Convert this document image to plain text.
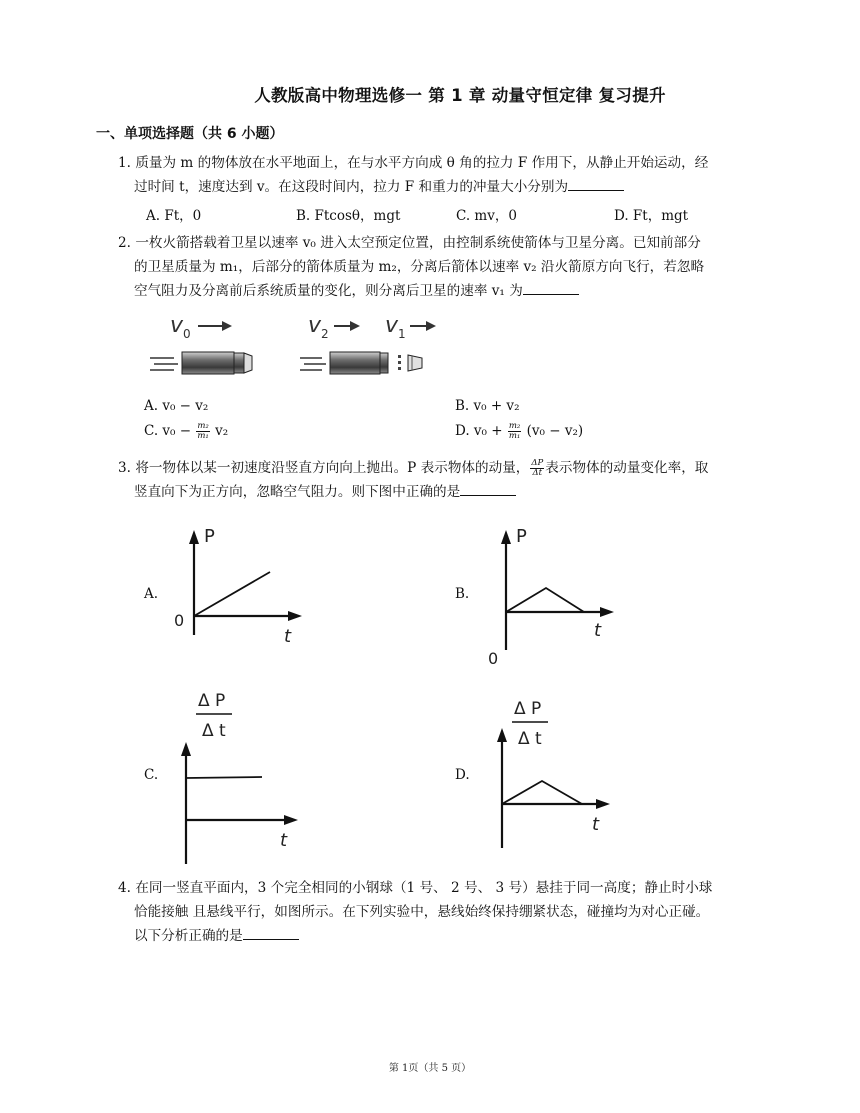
人教版高中物理选修一 第 1 章 动量守恒定律 复习提升
一、单项选择题（共 6 小题）
1. 质量为 m 的物体放在水平地面上，在与水平方向成 θ 角的拉力 F 作用下，从静止开始运动，经
过时间 t，速度达到 v。在这段时间内，拉力 F 和重力的冲量大小分别为
A. Ft，0	B. Ftcosθ，mgt	C. mv，0	D. Ft，mgt
2. 一枚火箭搭载着卫星以速率 v₀ 进入太空预定位置，由控制系统使箭体与卫星分离。已知前部分
的卫星质量为 m₁，后部分的箭体质量为 m₂，分离后箭体以速率 v₂ 沿火箭原方向飞行，若忽略
空气阻力及分离前后系统质量的变化，则分离后卫星的速率 v₁ 为
v 0	v 2	v 1
A. v₀ − v₂	B. v₀ + v₂
C. $v_0 - \frac{\text{m₂}}{\text{m₁}} v_2$	D. $v_0 + \frac{\text{m₂}}{\text{m₁}} (v_0 - v_2)$
3. 将一物体以某一初速度沿竖直方向向上抛出。P 表示物体的动量， $\frac{\Delta P}{\Delta t}$ 表示物体的动量变化率，取
竖直向下为正方向，忽略空气阻力。则下图中正确的是
A.	B.
C.	D.
P
0
t
P
0
t
Δ P
Δ t
t
Δ P
Δ t
t
4. 在同一竖直平面内，3 个完全相同的小钢球（1 号、 2 号、 3 号）悬挂于同一高度；静止时小球
恰能接触 且悬线平行，如图所示。在下列实验中，悬线始终保持绷紧状态，碰撞均为对心正碰。
以下分析正确的是
第 1页（共 5 页）
